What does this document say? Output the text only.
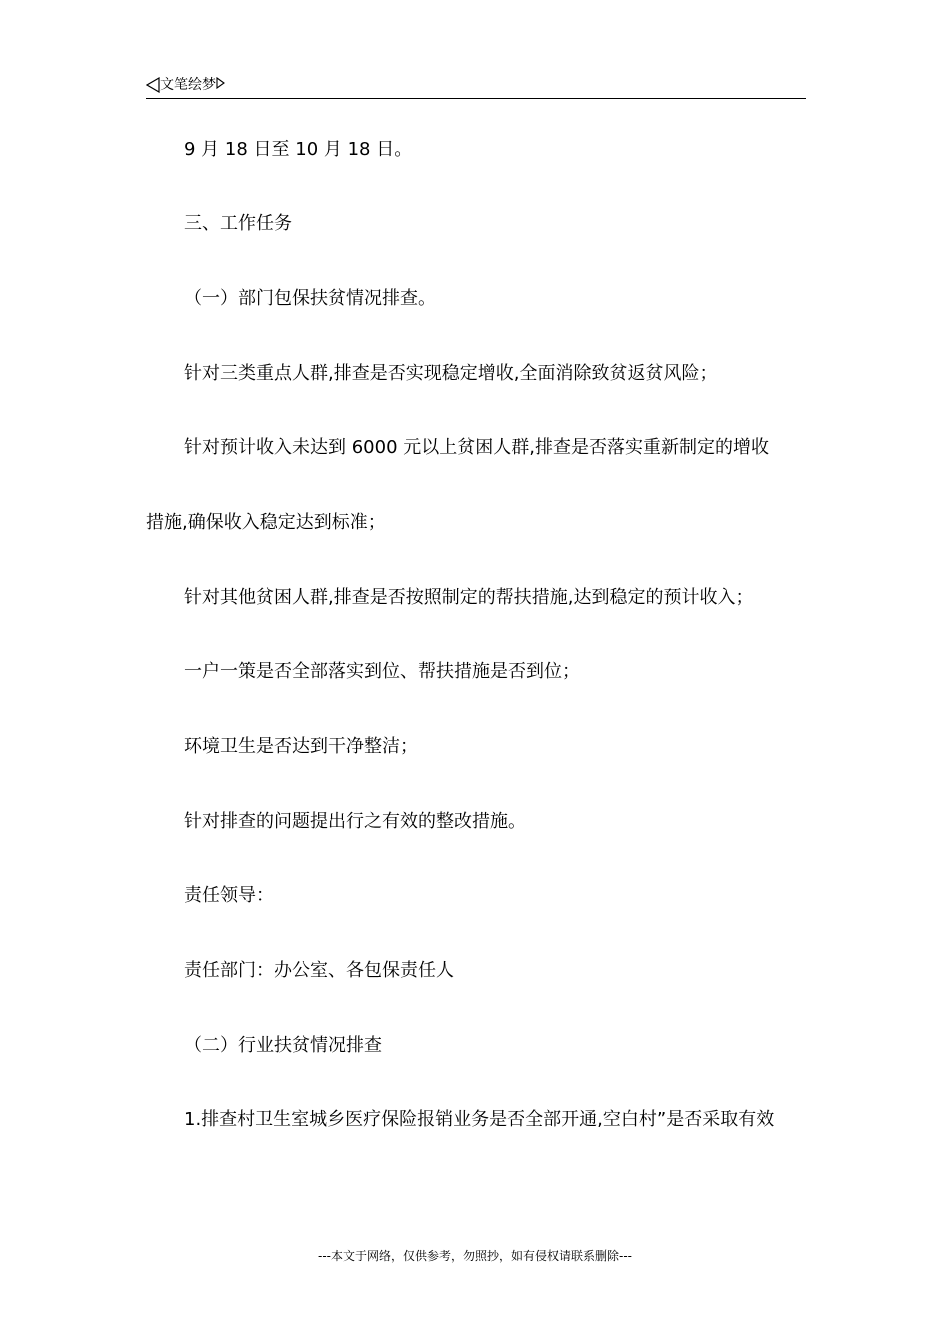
文笔绘梦
9 月 18 日至 10 月 18 日。
三、工作任务
（一）部门包保扶贫情况排查。
针对三类重点人群,排查是否实现稳定增收,全面消除致贫返贫风险；
针对预计收入未达到 6000 元以上贫困人群,排查是否落实重新制定的增收
措施,确保收入稳定达到标准；
针对其他贫困人群,排查是否按照制定的帮扶措施,达到稳定的预计收入；
一户一策是否全部落实到位、帮扶措施是否到位；
环境卫生是否达到干净整洁；
针对排查的问题提出行之有效的整改措施。
责任领导：
责任部门：办公室、各包保责任人
（二）行业扶贫情况排查
1.排查村卫生室城乡医疗保险报销业务是否全部开通,空白村”是否采取有效
---本文于网络，仅供参考，勿照抄，如有侵权请联系删除---
